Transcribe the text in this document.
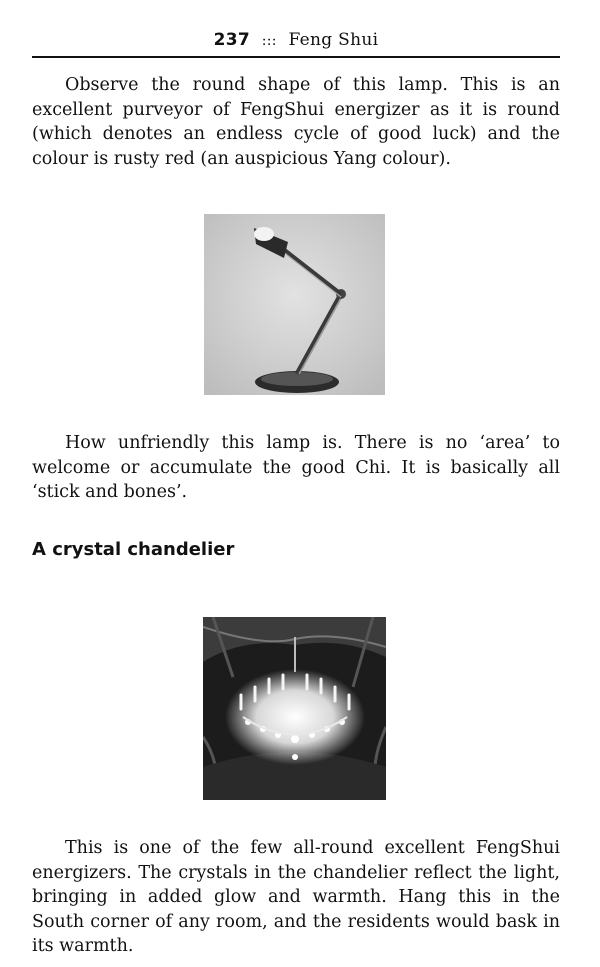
237 ::: Feng Shui

Observe the round shape of this lamp. This is an excellent purveyor of FengShui energizer as it is round (which denotes an endless cycle of good luck) and the colour is rusty red (an auspicious Yang colour).

How unfriendly this lamp is. There is no ‘area’ to welcome or accumulate the good Chi. It is basically all ‘stick and bones’.

A crystal chandelier

This is one of the few all-round excellent FengShui energizers. The crystals in the chandelier reflect the light, bringing in added glow and warmth. Hang this in the South corner of any room, and the residents would bask in its warmth.
